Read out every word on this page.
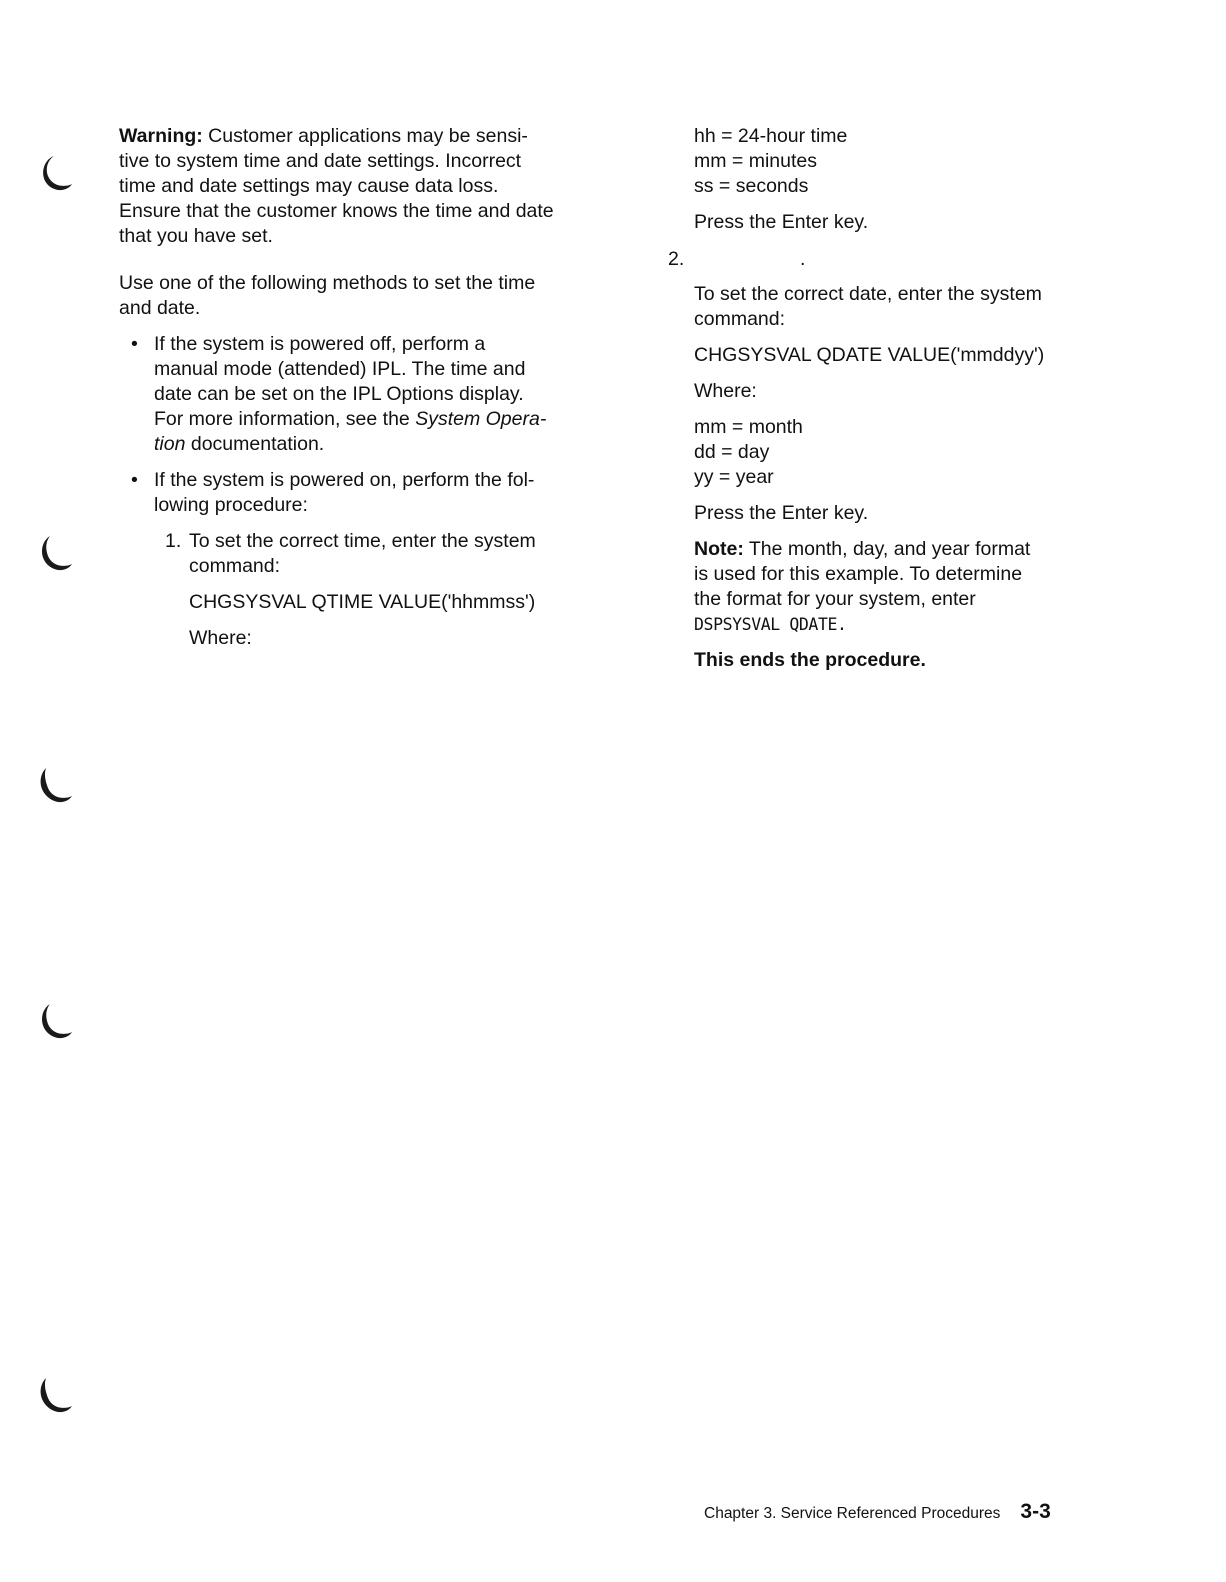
Warning: Customer applications may be sensi-
tive to system time and date settings. Incorrect
time and date settings may cause data loss.
Ensure that the customer knows the time and date
that you have set.

Use one of the following methods to set the time
and date.

• If the system is powered off, perform a
manual mode (attended) IPL. The time and
date can be set on the IPL Options display.
For more information, see the System Opera-
tion documentation.

• If the system is powered on, perform the fol-
lowing procedure:

1. To set the correct time, enter the system
command:

CHGSYSVAL QTIME VALUE('hhmmss')

Where:

2.	.

hh = 24-hour time
mm = minutes
ss = seconds

Press the Enter key.

To set the correct date, enter the system
command:

CHGSYSVAL QDATE VALUE('mmddyy')

Where:

mm = month
dd = day
yy = year

Press the Enter key.

Note: The month, day, and year format
is used for this example. To determine
the format for your system, enter
DSPSYSVAL QDATE.

This ends the procedure.

Chapter 3. Service Referenced Procedures 3-3
